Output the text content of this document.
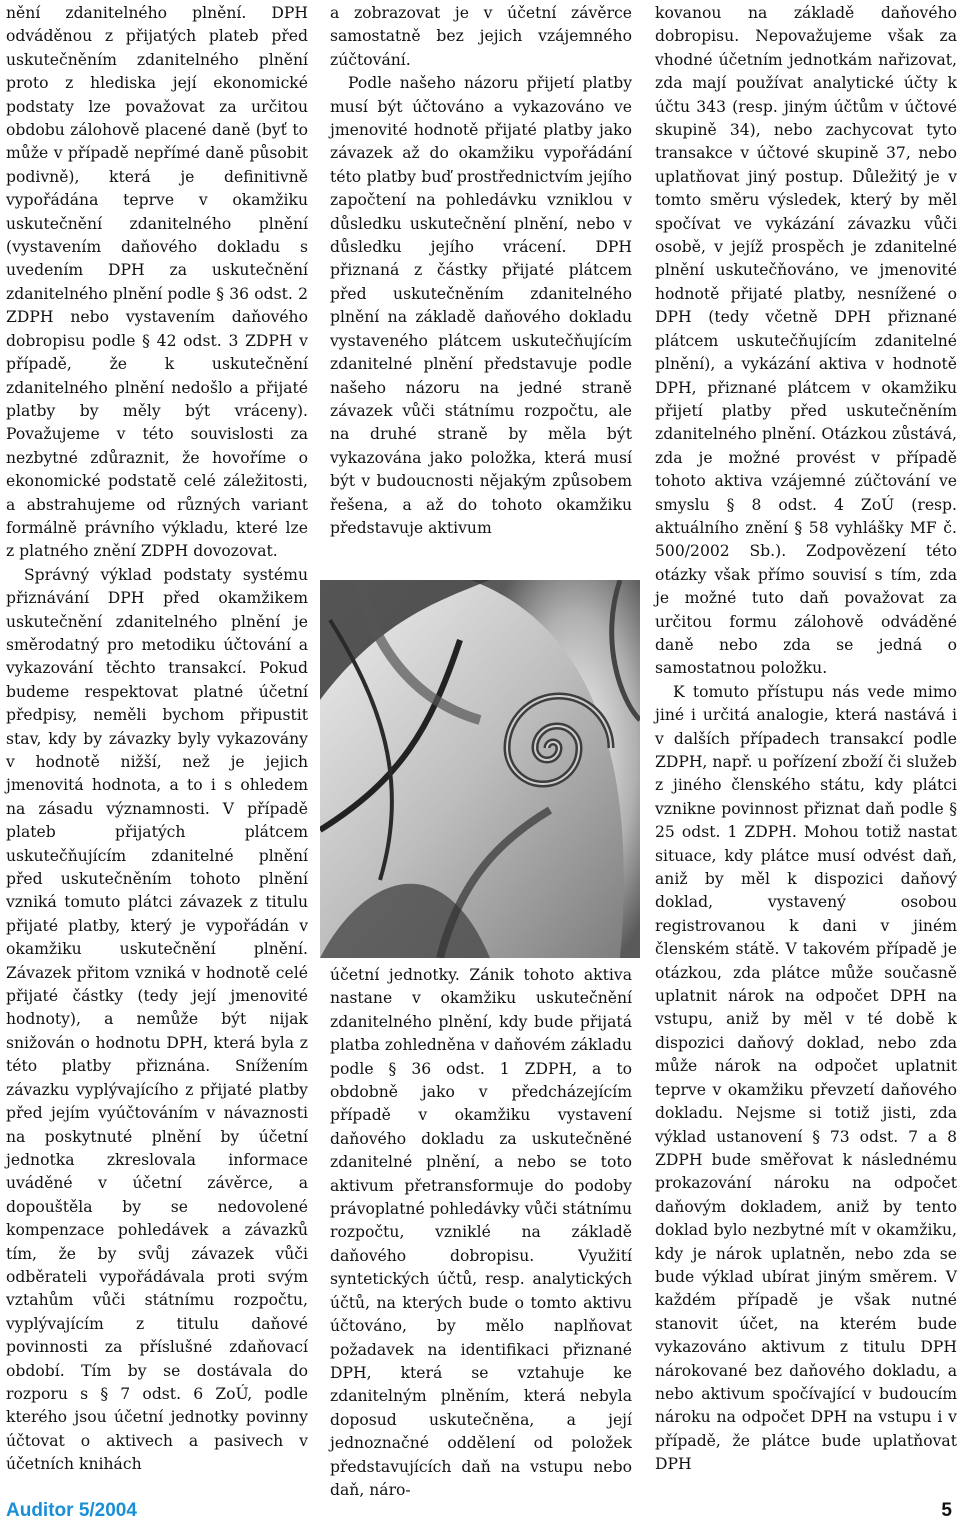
nění zdanitelného plnění. DPH odváděnou z přijatých plateb před uskutečněním zdanitelného plnění proto z hlediska její ekonomické podstaty lze považovat za určitou obdobu zálohově placené daně (byť to může v případě nepřímé daně působit podivně), která je definitivně vypořádána teprve v okamžiku uskutečnění zdanitelného plnění (vystavením daňového dokladu s uvedením DPH za uskutečnění zdanitelného plnění podle § 36 odst. 2 ZDPH nebo vystavením daňového dobropisu podle § 42 odst. 3 ZDPH v případě, že k uskutečnění zdanitelného plnění nedošlo a přijaté platby by měly být vráceny). Považujeme v této souvislosti za nezbytné zdůraznit, že hovoříme o ekonomické podstatě celé záležitosti, a abstrahujeme od různých variant formálně právního výkladu, které lze z platného znění ZDPH dovozovat.

Správný výklad podstaty systému přiznávání DPH před okamžikem uskutečnění zdanitelného plnění je směrodatný pro metodiku účtování a vykazování těchto transakcí. Pokud budeme respektovat platné účetní předpisy, neměli bychom připustit stav, kdy by závazky byly vykazovány v hodnotě nižší, než je jejich jmenovitá hodnota, a to i s ohledem na zásadu významnosti. V případě plateb přijatých plátcem uskutečňujícím zdanitelné plnění před uskutečněním tohoto plnění vzniká tomuto plátci závazek z titulu přijaté platby, který je vypořádán v okamžiku uskutečnění plnění. Závazek přitom vzniká v hodnotě celé přijaté částky (tedy její jmenovité hodnoty), a nemůže být nijak snižován o hodnotu DPH, která byla z této platby přiznána. Snížením závazku vyplývajícího z přijaté platby před jejím vyúčtováním v návaznosti na poskytnuté plnění by účetní jednotka zkreslovala informace uváděné v účetní závěrce, a dopouštěla by se nedovolené kompenzace pohledávek a závazků tím, že by svůj závazek vůči odběrateli vypořádávala proti svým vztahům vůči státnímu rozpočtu, vyplývajícím z titulu daňové povinnosti za příslušné zdaňovací období. Tím by se dostávala do rozporu s § 7 odst. 6 ZoÚ, podle kterého jsou účetní jednotky povinny účtovat o aktivech a pasivech v účetních knihách

a zobrazovat je v účetní závěrce samostatně bez jejich vzájemného zúčtování.

Podle našeho názoru přijetí platby musí být účtováno a vykazováno ve jmenovité hodnotě přijaté platby jako závazek až do okamžiku vypořádání této platby buď prostřednictvím jejího započtení na pohledávku vzniklou v důsledku uskutečnění plnění, nebo v důsledku jejího vrácení. DPH přiznaná z částky přijaté plátcem před uskutečněním zdanitelného plnění na základě daňového dokladu vystaveného plátcem uskutečňujícím zdanitelné plnění představuje podle našeho názoru na jedné straně závazek vůči státnímu rozpočtu, ale na druhé straně by měla být vykazována jako položka, která musí být v budoucnosti nějakým způsobem řešena, a až do tohoto okamžiku představuje aktivum

účetní jednotky. Zánik tohoto aktiva nastane v okamžiku uskutečnění zdanitelného plnění, kdy bude přijatá platba zohledněna v daňovém základu podle § 36 odst. 1 ZDPH, a to obdobně jako v předcházejícím případě v okamžiku vystavení daňového dokladu za uskutečněné zdanitelné plnění, a nebo se toto aktivum přetransformuje do podoby právoplatné pohledávky vůči státnímu rozpočtu, vzniklé na základě daňového dobropisu. Využití syntetických účtů, resp. analytických účtů, na kterých bude o tomto aktivu účtováno, by mělo naplňovat požadavek na identifikaci přiznané DPH, která se vztahuje ke zdanitelným plněním, která nebyla doposud uskutečněna, a její jednoznačné oddělení od položek představujících daň na vstupu nebo daň, náro-

kovanou na základě daňového dobropisu. Nepovažujeme však za vhodné účetním jednotkám nařizovat, zda mají používat analytické účty k účtu 343 (resp. jiným účtům v účtové skupině 34), nebo zachycovat tyto transakce v účtové skupině 37, nebo uplatňovat jiný postup. Důležitý je v tomto směru výsledek, který by měl spočívat ve vykázání závazku vůči osobě, v jejíž prospěch je zdanitelné plnění uskutečňováno, ve jmenovité hodnotě přijaté platby, nesnížené o DPH (tedy včetně DPH přiznané plátcem uskutečňujícím zdanitelné plnění), a vykázání aktiva v hodnotě DPH, přiznané plátcem v okamžiku přijetí platby před uskutečněním zdanitelného plnění. Otázkou zůstává, zda je možné provést v případě tohoto aktiva vzájemné zúčtování ve smyslu § 8 odst. 4 ZoÚ (resp. aktuálního znění § 58 vyhlášky MF č. 500/2002 Sb.). Zodpovězení této otázky však přímo souvisí s tím, zda je možné tuto daň považovat za určitou formu zálohově odváděné daně nebo zda se jedná o samostatnou položku.

K tomuto přístupu nás vede mimo jiné i určitá analogie, která nastává i v dalších případech transakcí podle ZDPH, např. u pořízení zboží či služeb z jiného členského státu, kdy plátci vznikne povinnost přiznat daň podle § 25 odst. 1 ZDPH. Mohou totiž nastat situace, kdy plátce musí odvést daň, aniž by měl k dispozici daňový doklad, vystavený osobou registrovanou k dani v jiném členském státě. V takovém případě je otázkou, zda plátce může současně uplatnit nárok na odpočet DPH na vstupu, aniž by měl v té době k dispozici daňový doklad, nebo zda může nárok na odpočet uplatnit teprve v okamžiku převzetí daňového dokladu. Nejsme si totiž jisti, zda výklad ustanovení § 73 odst. 7 a 8 ZDPH bude směřovat k následnému prokazování nároku na odpočet daňovým dokladem, aniž by tento doklad bylo nezbytné mít v okamžiku, kdy je nárok uplatněn, nebo zda se bude výklad ubírat jiným směrem. V každém případě je však nutné stanovit účet, na kterém bude vykazováno aktivum z titulu DPH nárokované bez daňového dokladu, a nebo aktivum spočívající v budoucím nároku na odpočet DPH na vstupu i v případě, že plátce bude uplatňovat DPH

Auditor 5/2004	5
